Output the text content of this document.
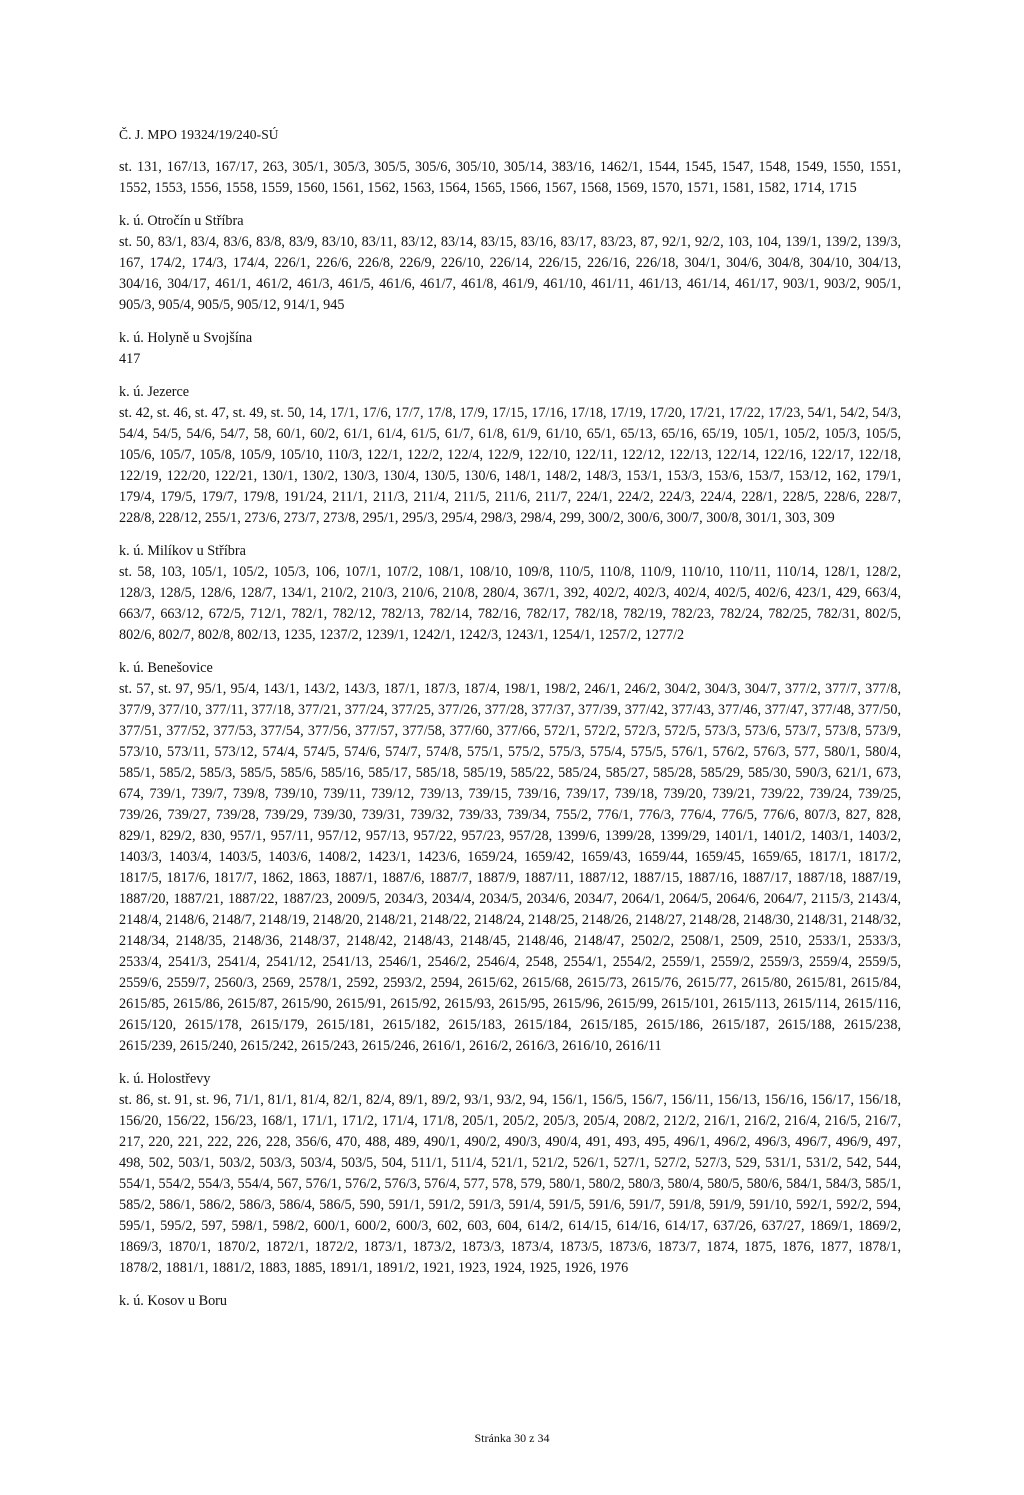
Č. J. MPO 19324/19/240-SÚ

st. 131, 167/13, 167/17, 263, 305/1, 305/3, 305/5, 305/6, 305/10, 305/14, 383/16, 1462/1, 1544, 1545, 1547, 1548, 1549, 1550, 1551, 1552, 1553, 1556, 1558, 1559, 1560, 1561, 1562, 1563, 1564, 1565, 1566, 1567, 1568, 1569, 1570, 1571, 1581, 1582, 1714, 1715

k. ú. Otročín u Stříbra

st. 50, 83/1, 83/4, 83/6, 83/8, 83/9, 83/10, 83/11, 83/12, 83/14, 83/15, 83/16, 83/17, 83/23, 87, 92/1, 92/2, 103, 104, 139/1, 139/2, 139/3, 167, 174/2, 174/3, 174/4, 226/1, 226/6, 226/8, 226/9, 226/10, 226/14, 226/15, 226/16, 226/18, 304/1, 304/6, 304/8, 304/10, 304/13, 304/16, 304/17, 461/1, 461/2, 461/3, 461/5, 461/6, 461/7, 461/8, 461/9, 461/10, 461/11, 461/13, 461/14, 461/17, 903/1, 903/2, 905/1, 905/3, 905/4, 905/5, 905/12, 914/1, 945

k. ú. Holyně u Svojšína

417

k. ú. Jezerce

st. 42, st. 46, st. 47, st. 49, st. 50, 14, 17/1, 17/6, 17/7, 17/8, 17/9, 17/15, 17/16, 17/18, 17/19, 17/20, 17/21, 17/22, 17/23, 54/1, 54/2, 54/3, 54/4, 54/5, 54/6, 54/7, 58, 60/1, 60/2, 61/1, 61/4, 61/5, 61/7, 61/8, 61/9, 61/10, 65/1, 65/13, 65/16, 65/19, 105/1, 105/2, 105/3, 105/5, 105/6, 105/7, 105/8, 105/9, 105/10, 110/3, 122/1, 122/2, 122/4, 122/9, 122/10, 122/11, 122/12, 122/13, 122/14, 122/16, 122/17, 122/18, 122/19, 122/20, 122/21, 130/1, 130/2, 130/3, 130/4, 130/5, 130/6, 148/1, 148/2, 148/3, 153/1, 153/3, 153/6, 153/7, 153/12, 162, 179/1, 179/4, 179/5, 179/7, 179/8, 191/24, 211/1, 211/3, 211/4, 211/5, 211/6, 211/7, 224/1, 224/2, 224/3, 224/4, 228/1, 228/5, 228/6, 228/7, 228/8, 228/12, 255/1, 273/6, 273/7, 273/8, 295/1, 295/3, 295/4, 298/3, 298/4, 299, 300/2, 300/6, 300/7, 300/8, 301/1, 303, 309

k. ú. Milíkov u Stříbra

st. 58, 103, 105/1, 105/2, 105/3, 106, 107/1, 107/2, 108/1, 108/10, 109/8, 110/5, 110/8, 110/9, 110/10, 110/11, 110/14, 128/1, 128/2, 128/3, 128/5, 128/6, 128/7, 134/1, 210/2, 210/3, 210/6, 210/8, 280/4, 367/1, 392, 402/2, 402/3, 402/4, 402/5, 402/6, 423/1, 429, 663/4, 663/7, 663/12, 672/5, 712/1, 782/1, 782/12, 782/13, 782/14, 782/16, 782/17, 782/18, 782/19, 782/23, 782/24, 782/25, 782/31, 802/5, 802/6, 802/7, 802/8, 802/13, 1235, 1237/2, 1239/1, 1242/1, 1242/3, 1243/1, 1254/1, 1257/2, 1277/2

k. ú. Benešovice

st. 57, st. 97, 95/1, 95/4, 143/1, 143/2, 143/3, 187/1, 187/3, 187/4, 198/1, 198/2, 246/1, 246/2, 304/2, 304/3, 304/7, 377/2, 377/7, 377/8, 377/9, 377/10, 377/11, 377/18, 377/21, 377/24, 377/25, 377/26, 377/28, 377/37, 377/39, 377/42, 377/43, 377/46, 377/47, 377/48, 377/50, 377/51, 377/52, 377/53, 377/54, 377/56, 377/57, 377/58, 377/60, 377/66, 572/1, 572/2, 572/3, 572/5, 573/3, 573/6, 573/7, 573/8, 573/9, 573/10, 573/11, 573/12, 574/4, 574/5, 574/6, 574/7, 574/8, 575/1, 575/2, 575/3, 575/4, 575/5, 576/1, 576/2, 576/3, 577, 580/1, 580/4, 585/1, 585/2, 585/3, 585/5, 585/6, 585/16, 585/17, 585/18, 585/19, 585/22, 585/24, 585/27, 585/28, 585/29, 585/30, 590/3, 621/1, 673, 674, 739/1, 739/7, 739/8, 739/10, 739/11, 739/12, 739/13, 739/15, 739/16, 739/17, 739/18, 739/20, 739/21, 739/22, 739/24, 739/25, 739/26, 739/27, 739/28, 739/29, 739/30, 739/31, 739/32, 739/33, 739/34, 755/2, 776/1, 776/3, 776/4, 776/5, 776/6, 807/3, 827, 828, 829/1, 829/2, 830, 957/1, 957/11, 957/12, 957/13, 957/22, 957/23, 957/28, 1399/6, 1399/28, 1399/29, 1401/1, 1401/2, 1403/1, 1403/2, 1403/3, 1403/4, 1403/5, 1403/6, 1408/2, 1423/1, 1423/6, 1659/24, 1659/42, 1659/43, 1659/44, 1659/45, 1659/65, 1817/1, 1817/2, 1817/5, 1817/6, 1817/7, 1862, 1863, 1887/1, 1887/6, 1887/7, 1887/9, 1887/11, 1887/12, 1887/15, 1887/16, 1887/17, 1887/18, 1887/19, 1887/20, 1887/21, 1887/22, 1887/23, 2009/5, 2034/3, 2034/4, 2034/5, 2034/6, 2034/7, 2064/1, 2064/5, 2064/6, 2064/7, 2115/3, 2143/4, 2148/4, 2148/6, 2148/7, 2148/19, 2148/20, 2148/21, 2148/22, 2148/24, 2148/25, 2148/26, 2148/27, 2148/28, 2148/30, 2148/31, 2148/32, 2148/34, 2148/35, 2148/36, 2148/37, 2148/42, 2148/43, 2148/45, 2148/46, 2148/47, 2502/2, 2508/1, 2509, 2510, 2533/1, 2533/3, 2533/4, 2541/3, 2541/4, 2541/12, 2541/13, 2546/1, 2546/2, 2546/4, 2548, 2554/1, 2554/2, 2559/1, 2559/2, 2559/3, 2559/4, 2559/5, 2559/6, 2559/7, 2560/3, 2569, 2578/1, 2592, 2593/2, 2594, 2615/62, 2615/68, 2615/73, 2615/76, 2615/77, 2615/80, 2615/81, 2615/84, 2615/85, 2615/86, 2615/87, 2615/90, 2615/91, 2615/92, 2615/93, 2615/95, 2615/96, 2615/99, 2615/101, 2615/113, 2615/114, 2615/116, 2615/120, 2615/178, 2615/179, 2615/181, 2615/182, 2615/183, 2615/184, 2615/185, 2615/186, 2615/187, 2615/188, 2615/238, 2615/239, 2615/240, 2615/242, 2615/243, 2615/246, 2616/1, 2616/2, 2616/3, 2616/10, 2616/11

k. ú. Holostřevy

st. 86, st. 91, st. 96, 71/1, 81/1, 81/4, 82/1, 82/4, 89/1, 89/2, 93/1, 93/2, 94, 156/1, 156/5, 156/7, 156/11, 156/13, 156/16, 156/17, 156/18, 156/20, 156/22, 156/23, 168/1, 171/1, 171/2, 171/4, 171/8, 205/1, 205/2, 205/3, 205/4, 208/2, 212/2, 216/1, 216/2, 216/4, 216/5, 216/7, 217, 220, 221, 222, 226, 228, 356/6, 470, 488, 489, 490/1, 490/2, 490/3, 490/4, 491, 493, 495, 496/1, 496/2, 496/3, 496/7, 496/9, 497, 498, 502, 503/1, 503/2, 503/3, 503/4, 503/5, 504, 511/1, 511/4, 521/1, 521/2, 526/1, 527/1, 527/2, 527/3, 529, 531/1, 531/2, 542, 544, 554/1, 554/2, 554/3, 554/4, 567, 576/1, 576/2, 576/3, 576/4, 577, 578, 579, 580/1, 580/2, 580/3, 580/4, 580/5, 580/6, 584/1, 584/3, 585/1, 585/2, 586/1, 586/2, 586/3, 586/4, 586/5, 590, 591/1, 591/2, 591/3, 591/4, 591/5, 591/6, 591/7, 591/8, 591/9, 591/10, 592/1, 592/2, 594, 595/1, 595/2, 597, 598/1, 598/2, 600/1, 600/2, 600/3, 602, 603, 604, 614/2, 614/15, 614/16, 614/17, 637/26, 637/27, 1869/1, 1869/2, 1869/3, 1870/1, 1870/2, 1872/1, 1872/2, 1873/1, 1873/2, 1873/3, 1873/4, 1873/5, 1873/6, 1873/7, 1874, 1875, 1876, 1877, 1878/1, 1878/2, 1881/1, 1881/2, 1883, 1885, 1891/1, 1891/2, 1921, 1923, 1924, 1925, 1926, 1976

k. ú. Kosov u Boru

Stránka 30 z 34
